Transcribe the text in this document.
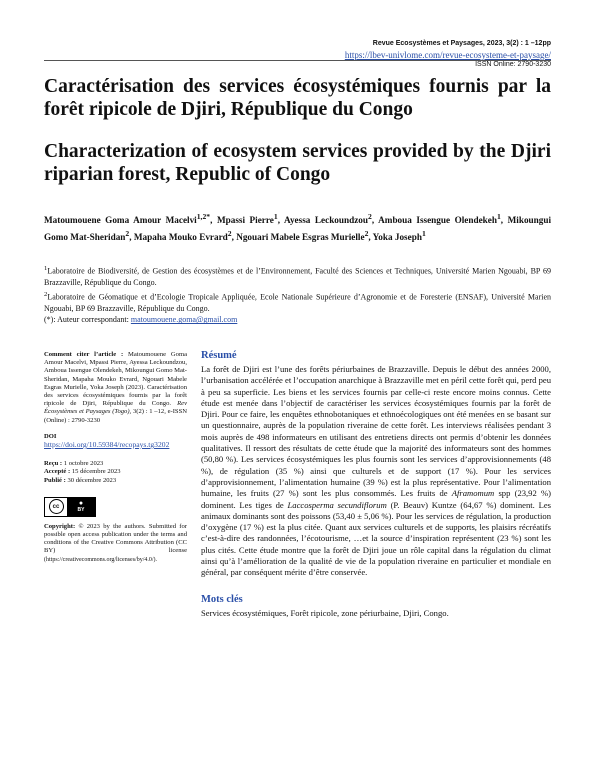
Revue Ecosystèmes et Paysages, 2023, 3(2) : 1 –12pp
https://lbev-univlome.com/revue-ecosysteme-et-paysage/
ISSN Online: 2790-3230
Caractérisation des services écosystémiques fournis par la forêt ripicole de Djiri, République du Congo
Characterization of ecosystem services provided by the Djiri riparian forest, Republic of Congo
Matoumouene Goma Amour Macelvi$^{1,2*}$, Mpassi Pierre$^1$, Ayessa Leckoundzou$^2$, Amboua Issengue Olendekeh$^1$, Mikoungui Gomo Mat-Sheridan$^2$, Mapaha Mouko Evrard$^2$, Ngouari Mabele Esgras Murielle$^2$, Yoka Joseph$^1$

$^1$Laboratoire de Biodiversité, de Gestion des écosystèmes et de l’Environnement, Faculté des Sciences et Techniques, Université Marien Ngouabi, BP 69 Brazzaville, République du Congo.

$^2$Laboratoire de Géomatique et d’Ecologie Tropicale Appliquée, Ecole Nationale Supérieure d’Agronomie et de Foresterie (ENSAF), Université Marien Ngouabi, BP 69 Brazzaville, République du Congo.

(*): Auteur correspondant: matoumouene.goma@gmail.com

Comment citer l’article : Matoumouene Goma Amour Macelvi, Mpassi Pierre, Ayessa Leckoundzou, Amboua Issengue Olendekeh, Mikoungui Gomo Mat-Sheridan, Mapaha Mouko Evrard, Ngouari Mabele Esgras Murielle, Yoka Joseph (2023). Caractérisation des services écosystémiques fournis par la forêt ripicole de Djiri, République du Congo. Rev Écosystèmes et Paysages (Togo), 3(2) : 1 –12, e-ISSN (Online) : 2790-3230

DOI

https://doi.org/10.59384/recopays.tg3202

Reçu : 1 octobre 2023

Accepté : 15 décembre 2023

Publié : 30 décembre 2023

cc	●
BY

Copyright: © 2023 by the authors. Submitted for possible open access publication under the terms and conditions of the Creative Commons Attribution (CC BY) license (https://creativecommons.org/licenses/by/4.0/).

Résumé

La forêt de Djiri est l’une des forêts périurbaines de Brazzaville. Depuis le début des années 2000, l’urbanisation accélérée et l’occupation anarchique à Brazzaville met en péril cette forêt qui, perd peu à peu sa superficie. Les biens et les services fournis par celle-ci reste encore moins connus. Cette étude est menée dans l’objectif de caractériser les services écosystémiques fournis par la forêt de Djiri. Pour ce faire, les enquêtes ethnobotaniques et ethnoécologiques ont été menées en se basant sur un questionnaire, auprès de la population riveraine de cette forêt. Les interviews réalisées pendant 3 mois auprès de 498 informateurs en utilisant des entretiens directs ont permis d’obtenir les données qualitatives. Il ressort des résultats de cette étude que la majorité des informateurs sont des hommes (50,80 %). Les services écosystémiques les plus fournis sont les services d’approvisionnements (48 %), de régulation (35 %) ainsi que culturels et de support (17 %). Pour les services d’approvisionnement, l’alimentation humaine (39 %) est la plus représentative. Pour l’alimentation humaine, les fruits (27 %) sont les plus consommés. Les fruits de Aframomum spp (23,92 %) dominent. Les tiges de Laccosperma secundiflorum (P. Beauv) Kuntze (64,67 %) dominent. Les animaux dominants sont des poissons (53,40 ± 5,06 %). Pour les services de régulation, la production d’oxygène (17 %) est la plus citée. Quant aux services culturels et de supports, les plaisirs récréatifs c’est-à-dire des randonnées, l’écotourisme, …et la source d’inspiration représentent (23 %) sont les plus cités. Cette étude montre que la forêt de Djiri joue un rôle capital dans la régulation du climat ainsi qu’à l’amélioration de la qualité de vie de la population riveraine en particulier et mondiale en général, par conséquent mérite d’être conservée.

Mots clés

Services écosystémiques, Forêt ripicole, zone périurbaine, Djiri, Congo.
